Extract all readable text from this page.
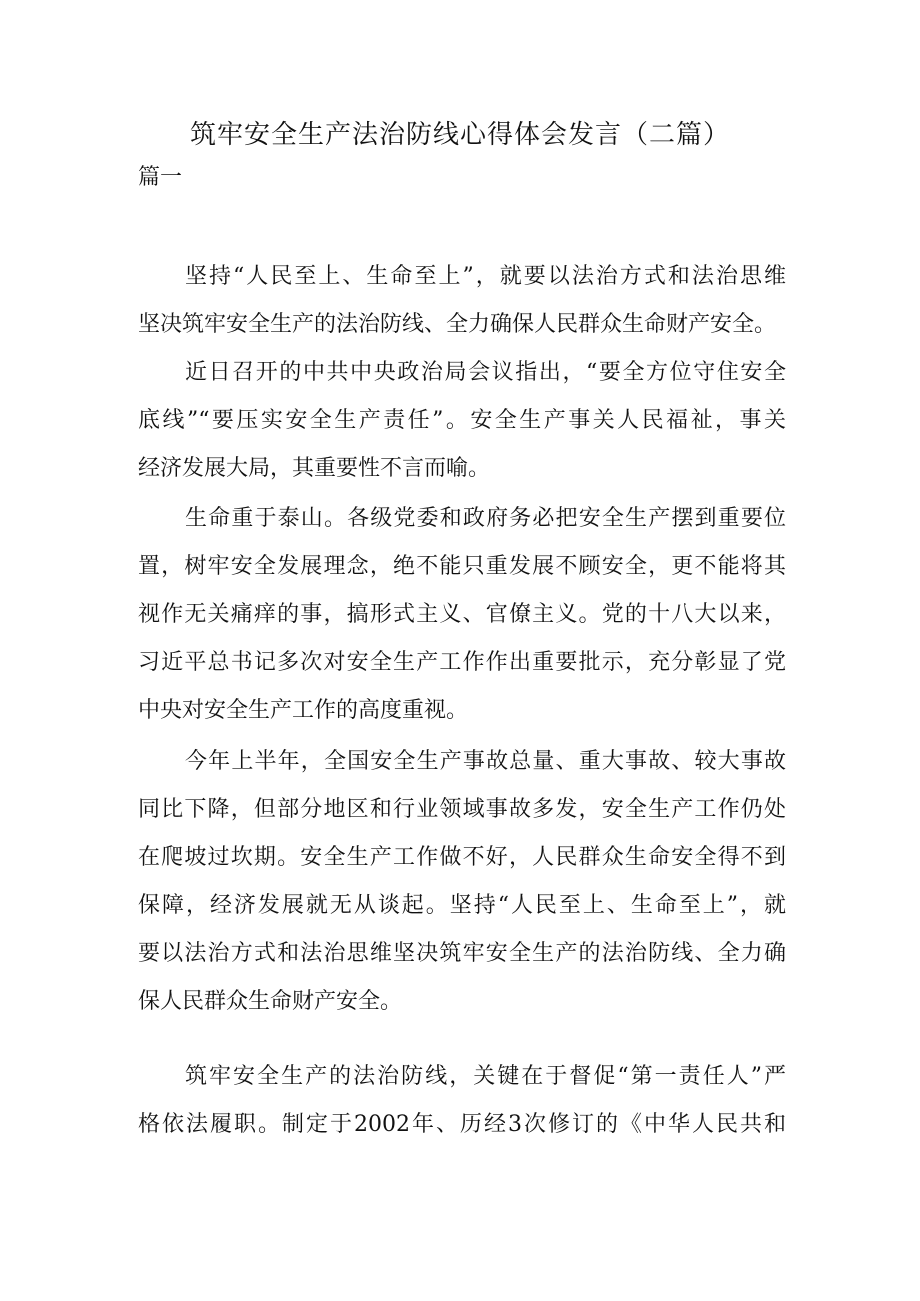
筑牢安全生产法治防线心得体会发言（二篇）
篇一
坚持“人民至上、生命至上”，就要以法治方式和法治思维
坚决筑牢安全生产的法治防线、全力确保人民群众生命财产安全。
近日召开的中共中央政治局会议指出，“要全方位守住安全
底线”“要压实安全生产责任”。安全生产事关人民福祉，事关
经济发展大局，其重要性不言而喻。
生命重于泰山。各级党委和政府务必把安全生产摆到重要位
置，树牢安全发展理念，绝不能只重发展不顾安全，更不能将其
视作无关痛痒的事，搞形式主义、官僚主义。党的十八大以来，
习近平总书记多次对安全生产工作作出重要批示，充分彰显了党
中央对安全生产工作的高度重视。
今年上半年，全国安全生产事故总量、重大事故、较大事故
同比下降，但部分地区和行业领域事故多发，安全生产工作仍处
在爬坡过坎期。安全生产工作做不好，人民群众生命安全得不到
保障，经济发展就无从谈起。坚持“人民至上、生命至上”，就
要以法治方式和法治思维坚决筑牢安全生产的法治防线、全力确
保人民群众生命财产安全。
筑牢安全生产的法治防线，关键在于督促“第一责任人”严
格依法履职。制定于2002年、历经3次修订的《中华人民共和
